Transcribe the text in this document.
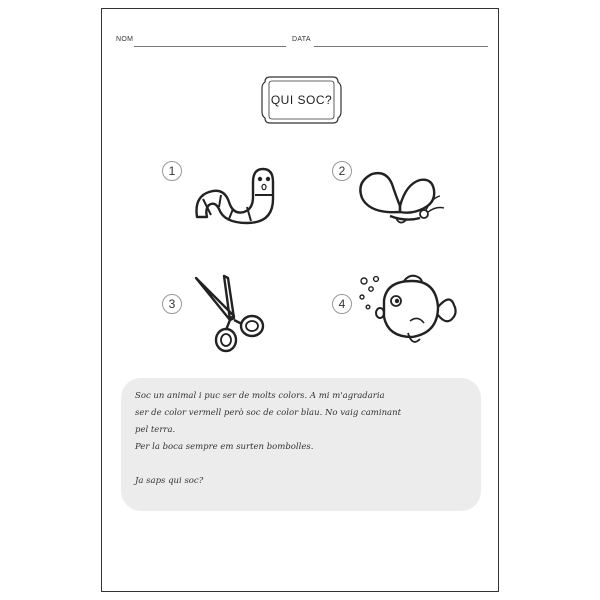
NOM	DATA
QUI SOC?
1	2
3	4

Soc un animal i puc ser de molts colors. A mi m'agradaria

ser de color vermell però soc de color blau. No vaig caminant

pel terra.

Per la boca sempre em surten bombolles.

Ja saps qui soc?
